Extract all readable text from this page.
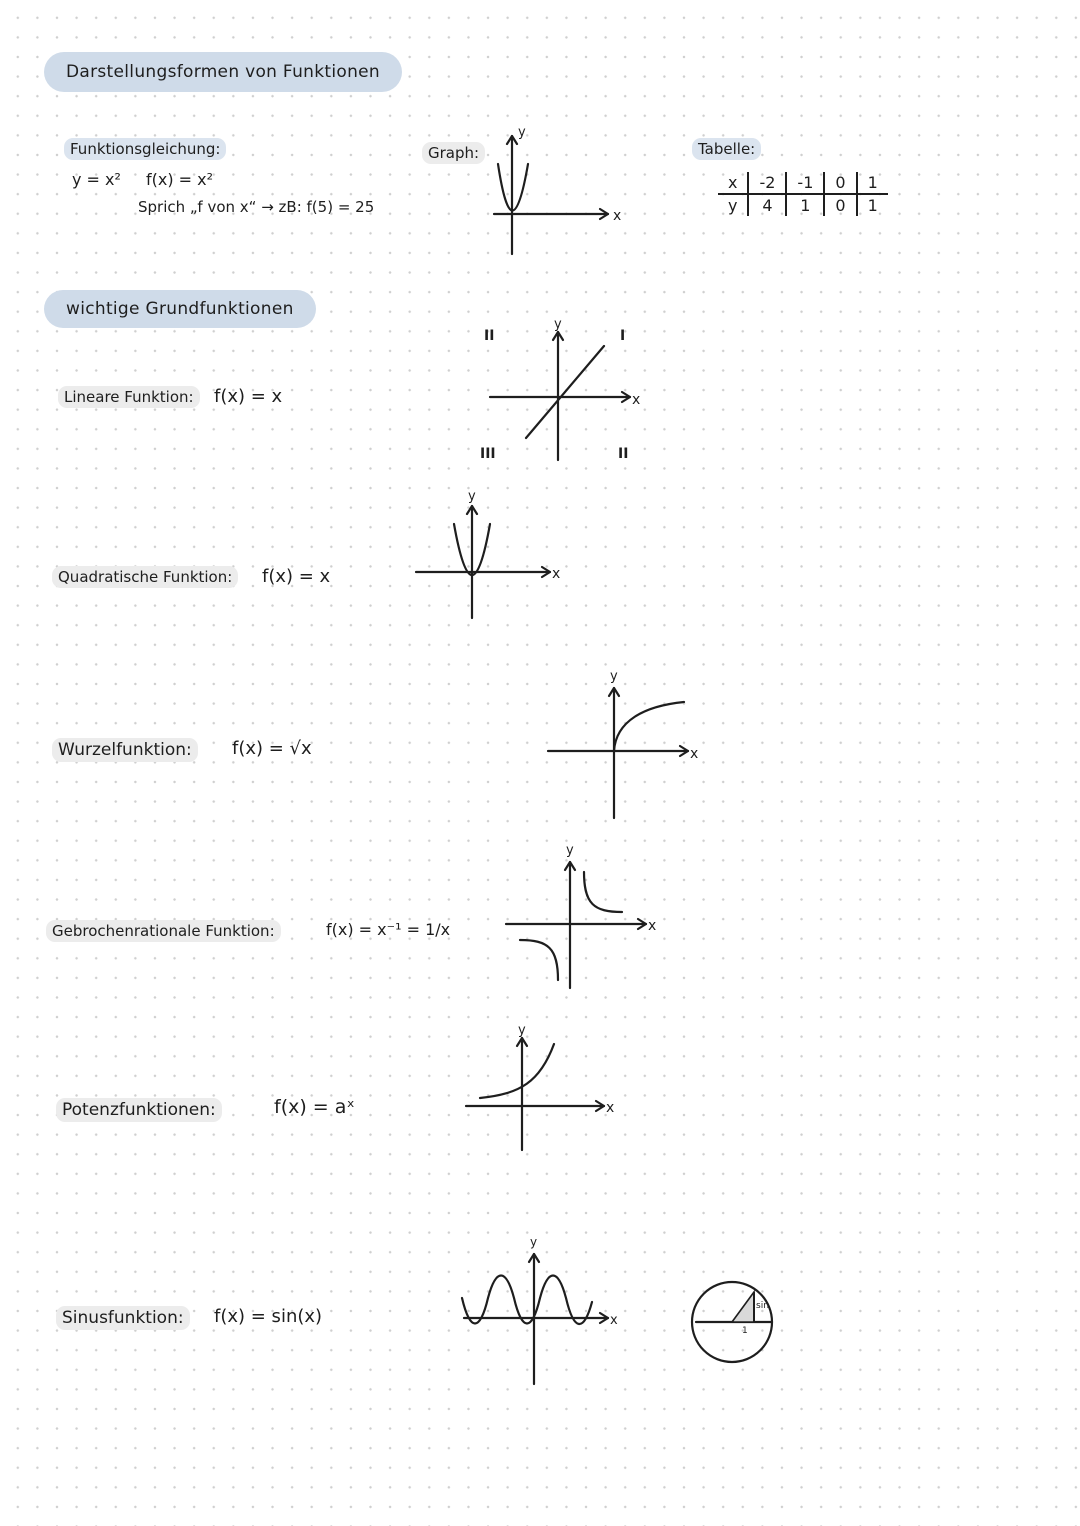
Darstellungsformen von Funktionen
Funktionsgleichung:
y = x² f(x) = x²
Sprich „f von x“ → zB: f(5) = 25
Graph:
y
x
Tabelle:
x	-2	-1	0	1
y	4	1	0	1
wichtige Grundfunktionen
Lineare Funktion:	f(x) = x
y
x
II	I
III	II
Quadratische Funktion:	f(x) = x
y
x
Wurzelfunktion:	f(x) = √x
y
x
Gebrochenrationale Funktion:	f(x) = x⁻¹ = 1/x
y
x
Potenzfunktionen:	f(x) = aˣ
y
x
Sinusfunktion:	f(x) = sin(x)
y
x
sin
1
